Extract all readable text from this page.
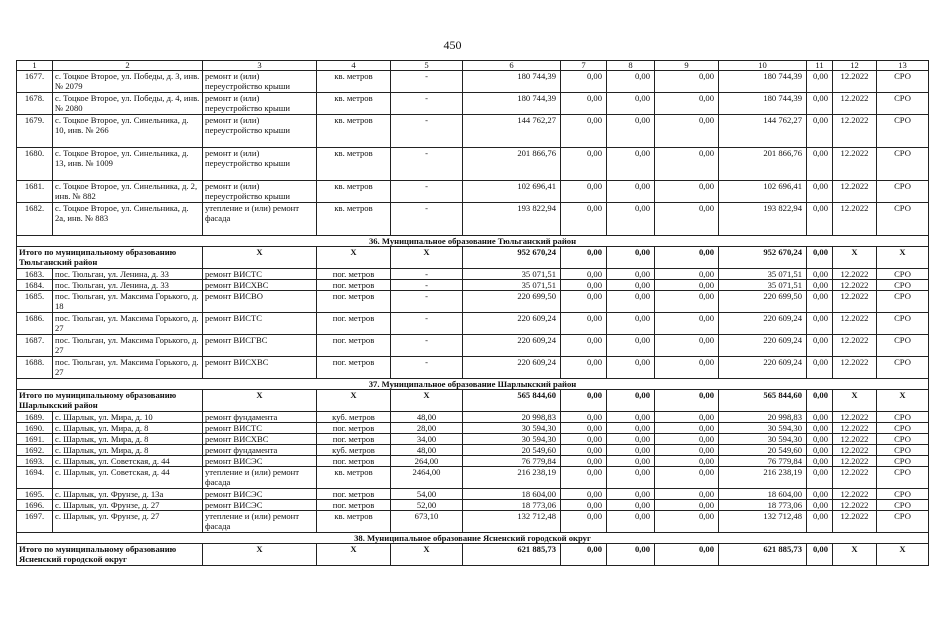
450
1	2	3	4	5	6	7	8	9	10	11	12	13
1677.	с. Тоцкое Второе, ул. Победы, д. 3, инв. № 2079	ремонт и (или) переустройство крыши	кв. метров	-	180 744,39	0,00	0,00	0,00	180 744,39	0,00	12.2022	СРО
1678.	с. Тоцкое Второе, ул. Победы, д. 4, инв. № 2080	ремонт и (или) переустройство крыши	кв. метров	-	180 744,39	0,00	0,00	0,00	180 744,39	0,00	12.2022	СРО
1679.	с. Тоцкое Второе, ул. Синельника, д. 10, инв. № 266	ремонт и (или) переустройство крыши	кв. метров	-	144 762,27	0,00	0,00	0,00	144 762,27	0,00	12.2022	СРО
1680.	с. Тоцкое Второе, ул. Синельника, д. 13, инв. № 1009	ремонт и (или) переустройство крыши	кв. метров	-	201 866,76	0,00	0,00	0,00	201 866,76	0,00	12.2022	СРО
1681.	с. Тоцкое Второе, ул. Синельника, д. 2, инв. № 882	ремонт и (или) переустройство крыши	кв. метров	-	102 696,41	0,00	0,00	0,00	102 696,41	0,00	12.2022	СРО
1682.	с. Тоцкое Второе, ул. Синельника, д. 2а, инв. № 883	утепление и (или) ремонт фасада	кв. метров	-	193 822,94	0,00	0,00	0,00	193 822,94	0,00	12.2022	СРО
36. Муниципальное образование Тюльганский район												
Итого по муниципальному образованию Тюльганский район		Х	Х	Х	952 670,24	0,00	0,00	0,00	952 670,24	0,00	Х	Х
1683.	пос. Тюльган, ул. Ленина, д. 33	ремонт ВИСТС	пог. метров	-	35 071,51	0,00	0,00	0,00	35 071,51	0,00	12.2022	СРО
1684.	пос. Тюльган, ул. Ленина, д. 33	ремонт ВИСХВС	пог. метров	-	35 071,51	0,00	0,00	0,00	35 071,51	0,00	12.2022	СРО
1685.	пос. Тюльган, ул. Максима Горького, д. 18	ремонт ВИСВО	пог. метров	-	220 699,50	0,00	0,00	0,00	220 699,50	0,00	12.2022	СРО
1686.	пос. Тюльган, ул. Максима Горького, д. 27	ремонт ВИСТС	пог. метров	-	220 609,24	0,00	0,00	0,00	220 609,24	0,00	12.2022	СРО
1687.	пос. Тюльган, ул. Максима Горького, д. 27	ремонт ВИСГВС	пог. метров	-	220 609,24	0,00	0,00	0,00	220 609,24	0,00	12.2022	СРО
1688.	пос. Тюльган, ул. Максима Горького, д. 27	ремонт ВИСХВС	пог. метров	-	220 609,24	0,00	0,00	0,00	220 609,24	0,00	12.2022	СРО
37. Муниципальное образование Шарлыкский район												
Итого по муниципальному образованию Шарлыкский район		Х	Х	Х	565 844,60	0,00	0,00	0,00	565 844,60	0,00	Х	Х
1689.	с. Шарлык, ул. Мира, д. 10	ремонт фундамента	куб. метров	48,00	20 998,83	0,00	0,00	0,00	20 998,83	0,00	12.2022	СРО
1690.	с. Шарлык, ул. Мира, д. 8	ремонт ВИСТС	пог. метров	28,00	30 594,30	0,00	0,00	0,00	30 594,30	0,00	12.2022	СРО
1691.	с. Шарлык, ул. Мира, д. 8	ремонт ВИСХВС	пог. метров	34,00	30 594,30	0,00	0,00	0,00	30 594,30	0,00	12.2022	СРО
1692.	с. Шарлык, ул. Мира, д. 8	ремонт фундамента	куб. метров	48,00	20 549,60	0,00	0,00	0,00	20 549,60	0,00	12.2022	СРО
1693.	с. Шарлык, ул. Советская, д. 44	ремонт ВИСЭС	пог. метров	264,00	76 779,84	0,00	0,00	0,00	76 779,84	0,00	12.2022	СРО
1694.	с. Шарлык, ул. Советская, д. 44	утепление и (или) ремонт фасада	кв. метров	2464,00	216 238,19	0,00	0,00	0,00	216 238,19	0,00	12.2022	СРО
1695.	с. Шарлык, ул. Фрунзе, д. 13а	ремонт ВИСЭС	пог. метров	54,00	18 604,00	0,00	0,00	0,00	18 604,00	0,00	12.2022	СРО
1696.	с. Шарлык, ул. Фрунзе, д. 27	ремонт ВИСЭС	пог. метров	52,00	18 773,06	0,00	0,00	0,00	18 773,06	0,00	12.2022	СРО
1697.	с. Шарлык, ул. Фрунзе, д. 27	утепление и (или) ремонт фасада	кв. метров	673,10	132 712,48	0,00	0,00	0,00	132 712,48	0,00	12.2022	СРО
38. Муниципальное образование Ясненский городской округ												
Итого по муниципальному образованию Ясненский городской округ		Х	Х	Х	621 885,73	0,00	0,00	0,00	621 885,73	0,00	Х	Х
